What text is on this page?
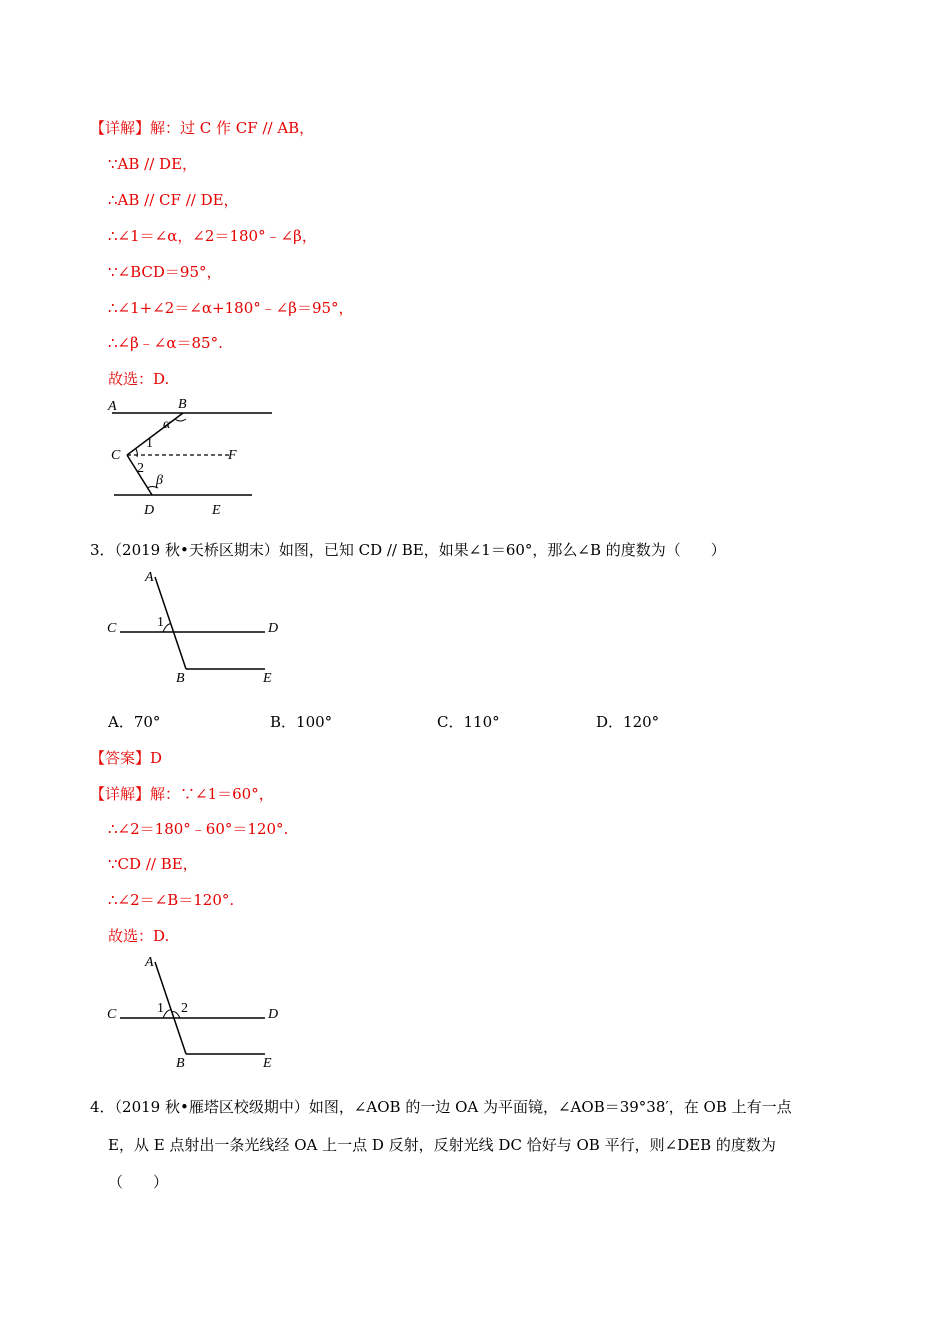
【详解】解：过 C 作 CF // AB，
∵AB // DE，
∴AB // CF // DE，
∴∠1＝∠α，∠2＝180°﹣∠β，
∵∠BCD＝95°，
∴∠1+∠2＝∠α+180°﹣∠β＝95°，
∴∠β﹣∠α＝85°.
故选：D.
A	B
α
1
C	F
2
β
D	E
3．（2019 秋•天桥区期末）如图，已知 CD // BE，如果∠1＝60°，那么∠B 的度数为（　　）
A
C	1	D
B	E
A．70°	B．100°	C．110°	D．120°
【答案】D
【详解】解：∵∠1＝60°，
∴∠2＝180°﹣60°＝120°.
∵CD // BE，
∴∠2＝∠B＝120°.
故选：D.
A
C	1 2	D
B	E
4．（2019 秋•雁塔区校级期中）如图，∠AOB 的一边 OA 为平面镜，∠AOB＝39°38′，在 OB 上有一点
E，从 E 点射出一条光线经 OA 上一点 D 反射，反射光线 DC 恰好与 OB 平行，则∠DEB 的度数为
（　　）
